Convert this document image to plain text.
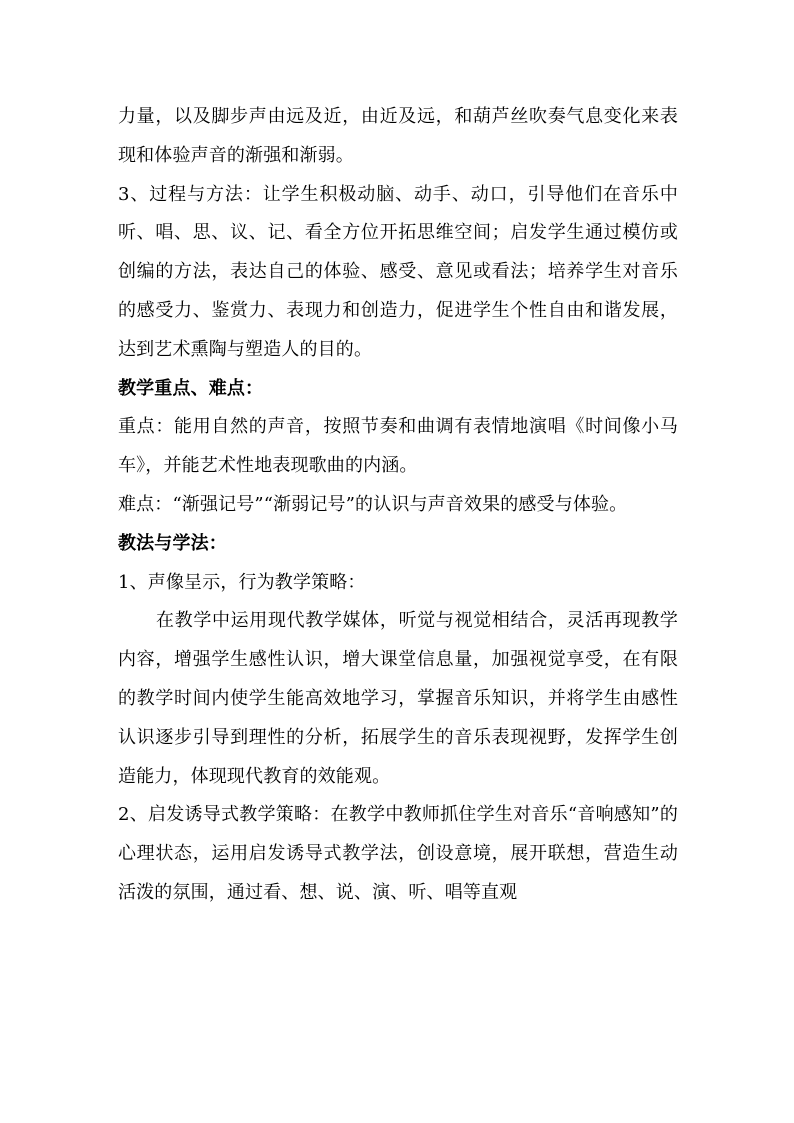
力量，以及脚步声由远及近，由近及远，和葫芦丝吹奏气息变化来表现和体验声音的渐强和渐弱。

3、过程与方法：让学生积极动脑、动手、动口，引导他们在音乐中听、唱、思、议、记、看全方位开拓思维空间；启发学生通过模仿或创编的方法，表达自己的体验、感受、意见或看法；培养学生对音乐的感受力、鉴赏力、表现力和创造力，促进学生个性自由和谐发展，达到艺术熏陶与塑造人的目的。

教学重点、难点：

重点：能用自然的声音，按照节奏和曲调有表情地演唱《时间像小马车》，并能艺术性地表现歌曲的内涵。

难点：“渐强记号”“渐弱记号”的认识与声音效果的感受与体验。

教法与学法：

1、声像呈示，行为教学策略：

在教学中运用现代教学媒体，听觉与视觉相结合，灵活再现教学内容，增强学生感性认识，增大课堂信息量，加强视觉享受，在有限的教学时间内使学生能高效地学习，掌握音乐知识，并将学生由感性认识逐步引导到理性的分析，拓展学生的音乐表现视野，发挥学生创造能力，体现现代教育的效能观。

2、启发诱导式教学策略：在教学中教师抓住学生对音乐“音响感知”的心理状态，运用启发诱导式教学法，创设意境，展开联想，营造生动活泼的氛围，通过看、想、说、演、听、唱等直观
